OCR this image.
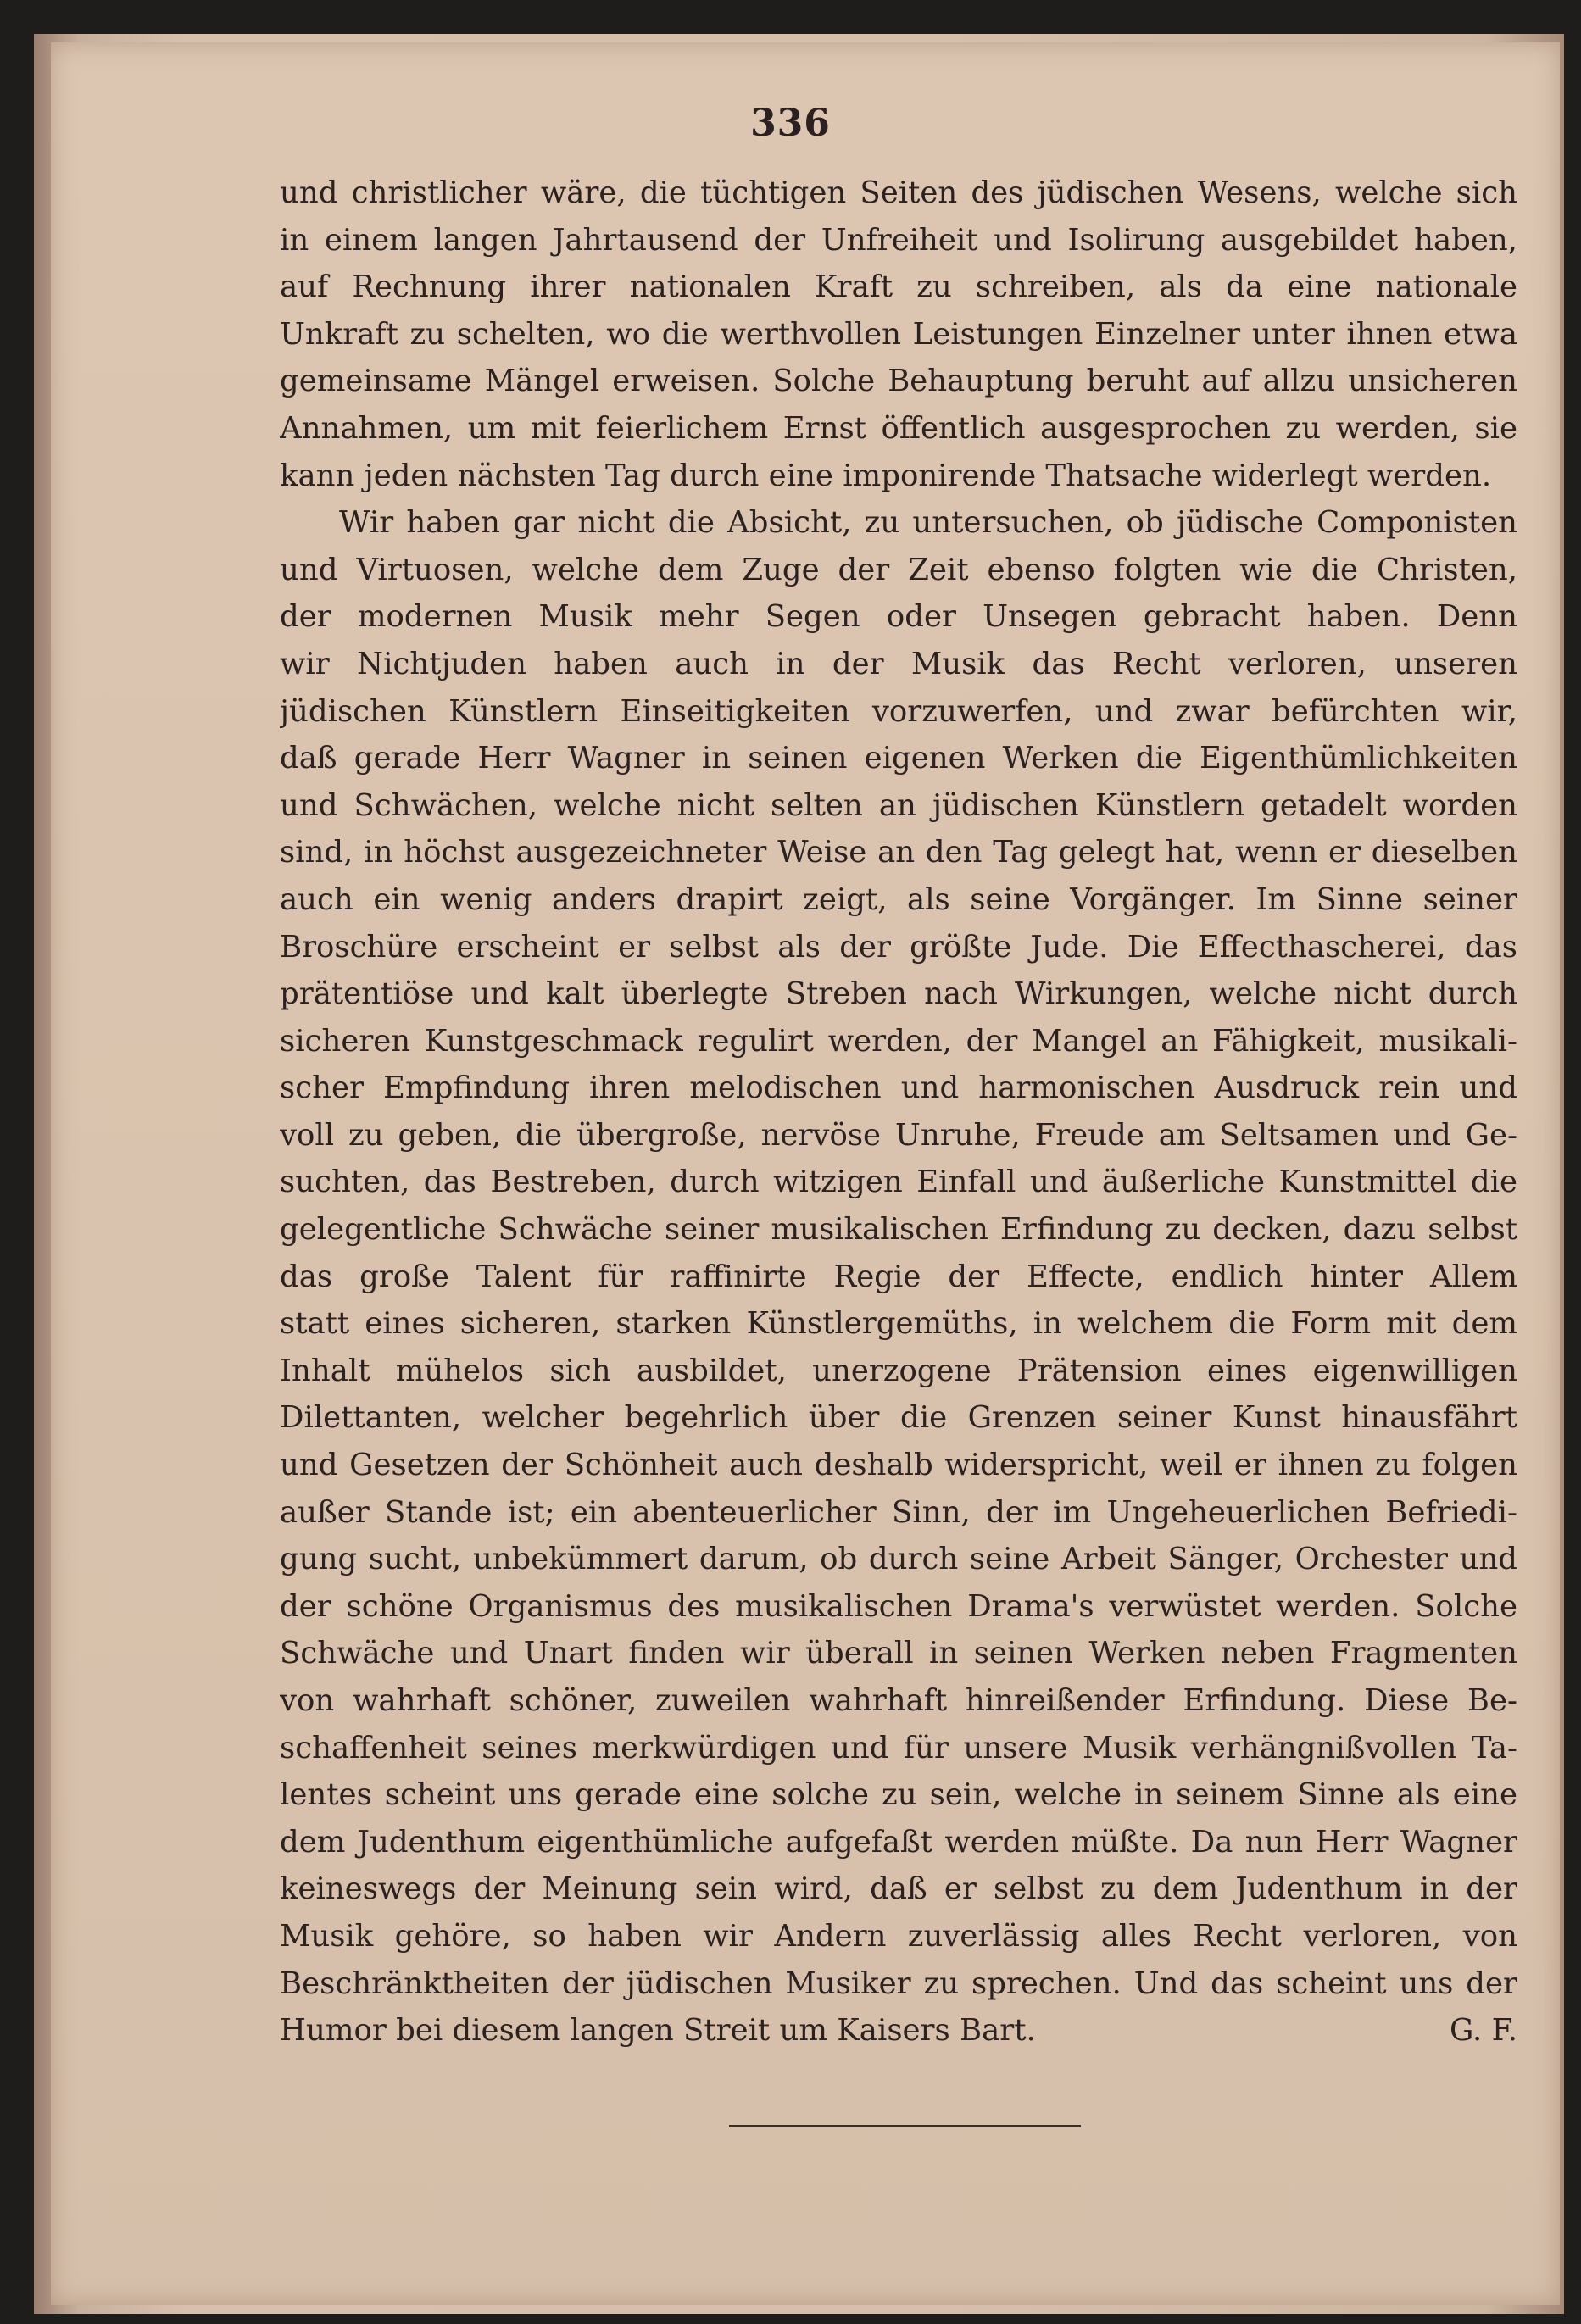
336
und christlicher wäre, die tüchtigen Seiten des jüdischen Wesens, welche sich
in einem langen Jahrtausend der Unfreiheit und Isolirung ausgebildet haben,
auf Rechnung ihrer nationalen Kraft zu schreiben, als da eine nationale
Unkraft zu schelten, wo die werthvollen Leistungen Einzelner unter ihnen etwa
gemeinsame Mängel erweisen. Solche Behauptung beruht auf allzu unsicheren
Annahmen, um mit feierlichem Ernst öffentlich ausgesprochen zu werden, sie
kann jeden nächsten Tag durch eine imponirende Thatsache widerlegt werden.
Wir haben gar nicht die Absicht, zu untersuchen, ob jüdische Componisten
und Virtuosen, welche dem Zuge der Zeit ebenso folgten wie die Christen,
der modernen Musik mehr Segen oder Unsegen gebracht haben. Denn
wir Nichtjuden haben auch in der Musik das Recht verloren, unseren
jüdischen Künstlern Einseitigkeiten vorzuwerfen, und zwar befürchten wir,
daß gerade Herr Wagner in seinen eigenen Werken die Eigenthümlichkeiten
und Schwächen, welche nicht selten an jüdischen Künstlern getadelt worden
sind, in höchst ausgezeichneter Weise an den Tag gelegt hat, wenn er dieselben
auch ein wenig anders drapirt zeigt, als seine Vorgänger. Im Sinne seiner
Broschüre erscheint er selbst als der größte Jude. Die Effecthascherei, das
prätentiöse und kalt überlegte Streben nach Wirkungen, welche nicht durch
sicheren Kunstgeschmack regulirt werden, der Mangel an Fähigkeit, musikali-
scher Empfindung ihren melodischen und harmonischen Ausdruck rein und
voll zu geben, die übergroße, nervöse Unruhe, Freude am Seltsamen und Ge-
suchten, das Bestreben, durch witzigen Einfall und äußerliche Kunstmittel die
gelegentliche Schwäche seiner musikalischen Erfindung zu decken, dazu selbst
das große Talent für raffinirte Regie der Effecte, endlich hinter Allem
statt eines sicheren, starken Künstlergemüths, in welchem die Form mit dem
Inhalt mühelos sich ausbildet, unerzogene Prätension eines eigenwilligen
Dilettanten, welcher begehrlich über die Grenzen seiner Kunst hinausfährt
und Gesetzen der Schönheit auch deshalb widerspricht, weil er ihnen zu folgen
außer Stande ist; ein abenteuerlicher Sinn, der im Ungeheuerlichen Befriedi-
gung sucht, unbekümmert darum, ob durch seine Arbeit Sänger, Orchester und
der schöne Organismus des musikalischen Drama's verwüstet werden. Solche
Schwäche und Unart finden wir überall in seinen Werken neben Fragmenten
von wahrhaft schöner, zuweilen wahrhaft hinreißender Erfindung. Diese Be-
schaffenheit seines merkwürdigen und für unsere Musik verhängnißvollen Ta-
lentes scheint uns gerade eine solche zu sein, welche in seinem Sinne als eine
dem Judenthum eigenthümliche aufgefaßt werden müßte. Da nun Herr Wagner
keineswegs der Meinung sein wird, daß er selbst zu dem Judenthum in der
Musik gehöre, so haben wir Andern zuverlässig alles Recht verloren, von
Beschränktheiten der jüdischen Musiker zu sprechen. Und das scheint uns der
Humor bei diesem langen Streit um Kaisers Bart.	G. F.
